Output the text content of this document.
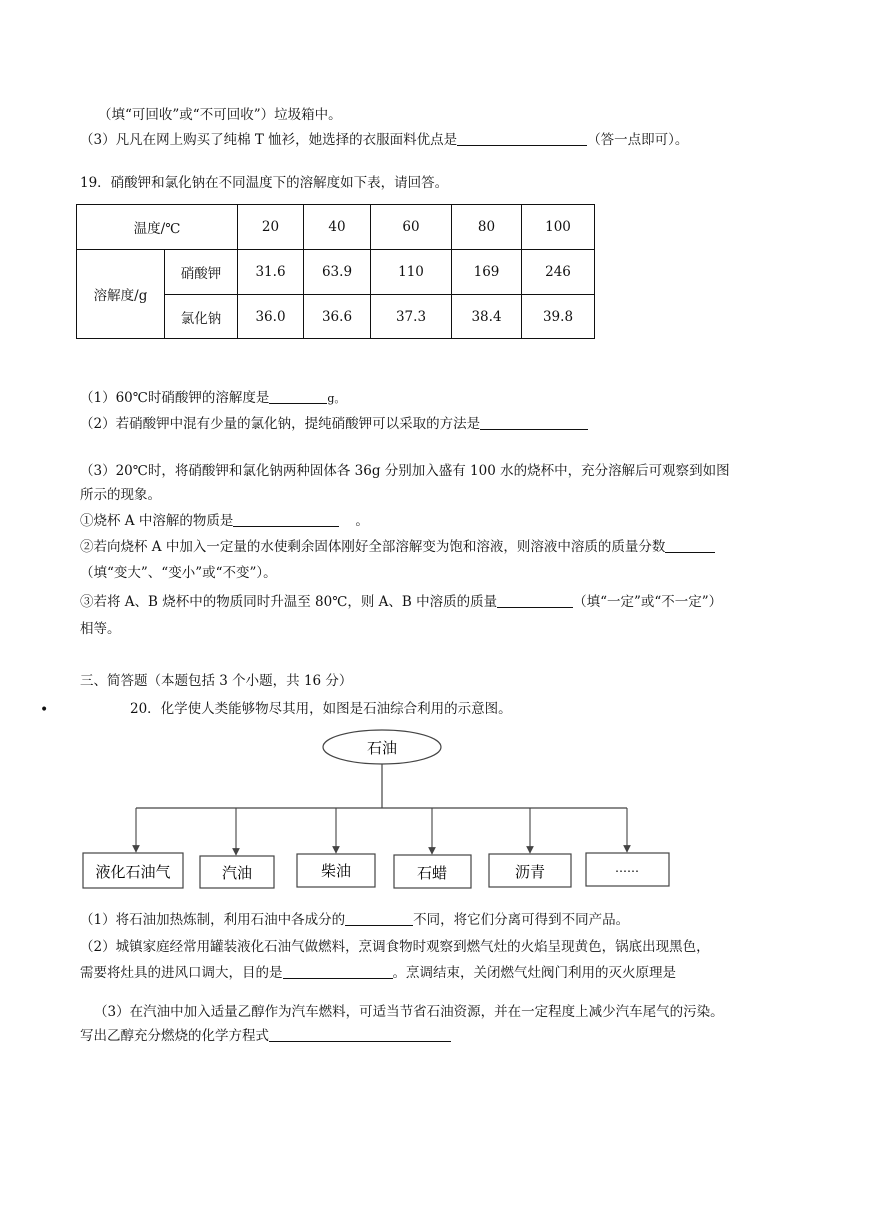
（填“可回收”或“不可回收”）垃圾箱中。
（3）凡凡在网上购买了纯棉 T 恤衫，她选择的衣服面料优点是	（答一点即可）。
19．硝酸钾和氯化钠在不同温度下的溶解度如下表，请回答。
温度/℃		20	40	60	80	100
溶解度/g	硝酸钾	31.6	63.9	110	169	246
	氯化钠	36.0	36.6	37.3	38.4	39.8
（1）60℃时硝酸钾的溶解度是	g。
（2）若硝酸钾中混有少量的氯化钠，提纯硝酸钾可以采取的方法是
（3）20℃时，将硝酸钾和氯化钠两种固体各 36g 分别加入盛有 100 水的烧杯中，充分溶解后可观察到如图
所示的现象。
①烧杯 A 中溶解的物质是	。
②若向烧杯 A 中加入一定量的水使剩余固体刚好全部溶解变为饱和溶液，则溶液中溶质的质量分数
（填“变大”、“变小”或“不变”）。
③若将 A、B 烧杯中的物质同时升温至 80℃，则 A、B 中溶质的质量	（填“一定”或“不一定”）
相等。
三、简答题（本题包括 3 个小题，共 16 分）
•	20．化学使人类能够物尽其用，如图是石油综合利用的示意图。
石油
液化石油气	汽油	柴油	石蜡	沥青	……
（1）将石油加热炼制，利用石油中各成分的	不同，将它们分离可得到不同产品。
（2）城镇家庭经常用罐装液化石油气做燃料，烹调食物时观察到燃气灶的火焰呈现黄色，锅底出现黑色，
需要将灶具的进风口调大，目的是	。烹调结束，关闭燃气灶阀门利用的灭火原理是
（3）在汽油中加入适量乙醇作为汽车燃料，可适当节省石油资源，并在一定程度上减少汽车尾气的污染。
写出乙醇充分燃烧的化学方程式
